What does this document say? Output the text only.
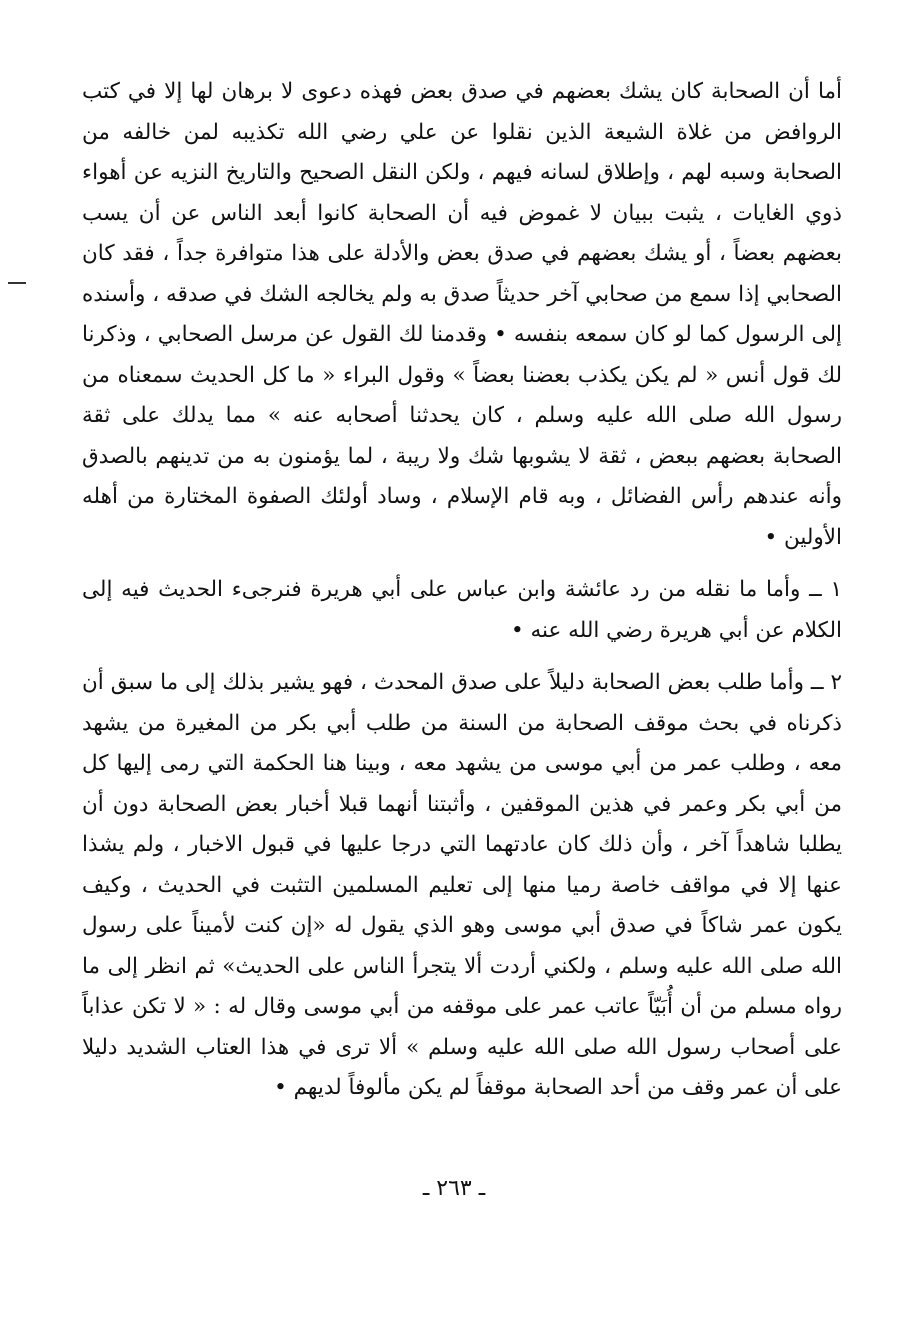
أما أن الصحابة كان يشك بعضهم في صدق بعض فهذه دعوى لا برهان لها إلا في كتب الروافض من غلاة الشيعة الذين نقلوا عن علي رضي الله تكذيبه لمن خالفه من الصحابة وسبه لهم ، وإطلاق لسانه فيهم ، ولكن النقل الصحيح والتاريخ النزيه عن أهواء ذوي الغايات ، يثبت ببيان لا غموض فيه أن الصحابة كانوا أبعد الناس عن أن يسب بعضهم بعضاً ، أو يشك بعضهم في صدق بعض والأدلة على هذا متوافرة جداً ، فقد كان الصحابي إذا سمع من صحابي آخر حديثاً صدق به ولم يخالجه الشك في صدقه ، وأسنده إلى الرسول كما لو كان سمعه بنفسه • وقدمنا لك القول عن مرسل الصحابي ، وذكرنا لك قول أنس « لم يكن يكذب بعضنا بعضاً » وقول البراء « ما كل الحديث سمعناه من رسول الله صلى الله عليه وسلم ، كان يحدثنا أصحابه عنه » مما يدلك على ثقة الصحابة بعضهم ببعض ، ثقة لا يشوبها شك ولا ريبة ، لما يؤمنون به من تدينهم بالصدق وأنه عندهم رأس الفضائل ، وبه قام الإسلام ، وساد أولئك الصفوة المختارة من أهله الأولين •

١ ــ وأما ما نقله من رد عائشة وابن عباس على أبي هريرة فنرجىء الحديث فيه إلى الكلام عن أبي هريرة رضي الله عنه •

٢ ــ وأما طلب بعض الصحابة دليلاً على صدق المحدث ، فهو يشير بذلك إلى ما سبق أن ذكرناه في بحث موقف الصحابة من السنة من طلب أبي بكر من المغيرة من يشهد معه ، وطلب عمر من أبي موسى من يشهد معه ، وبينا هنا الحكمة التي رمى إليها كل من أبي بكر وعمر في هذين الموقفين ، وأثبتنا أنهما قبلا أخبار بعض الصحابة دون أن يطلبا شاهداً آخر ، وأن ذلك كان عادتهما التي درجا عليها في قبول الاخبار ، ولم يشذا عنها إلا في مواقف خاصة رميا منها إلى تعليم المسلمين التثبت في الحديث ، وكيف يكون عمر شاكاً في صدق أبي موسى وهو الذي يقول له «إن كنت لأميناً على رسول الله صلى الله عليه وسلم ، ولكني أردت ألا يتجرأ الناس على الحديث» ثم انظر إلى ما رواه مسلم من أن أُبَيّاً عاتب عمر على موقفه من أبي موسى وقال له : « لا تكن عذاباً على أصحاب رسول الله صلى الله عليه وسلم » ألا ترى في هذا العتاب الشديد دليلا على أن عمر وقف من أحد الصحابة موقفاً لم يكن مألوفاً لديهم •

ـ ٢٦٣ ـ
